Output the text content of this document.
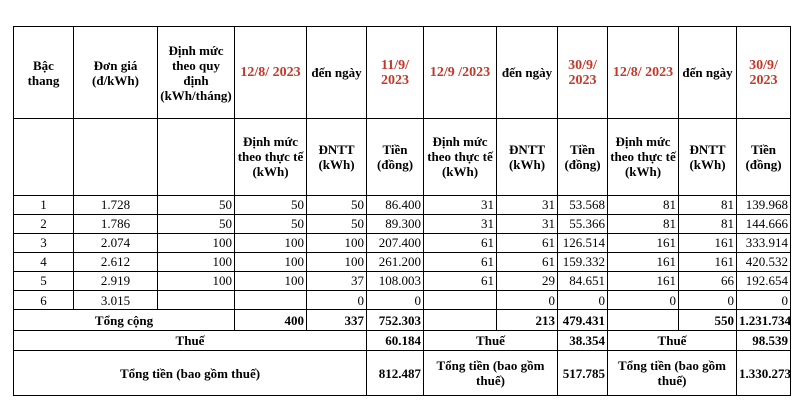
Bậc thang	Đơn giá (đ/kWh)	Định mức theo quy định (kWh/tháng)	12/8/ 2023	đến ngày	11/9/ 2023	12/9 /2023	đến ngày	30/9/ 2023	12/8/ 2023	đến ngày	30/9/ 2023
			Định mức theo thực tế (kWh)	ĐNTT (kWh)	Tiền (đồng)	Định mức theo thực tế (kWh)	ĐNTT (kWh)	Tiền (đồng)	Định mức theo thực tế (kWh)	ĐNTT (kWh)	Tiền (đồng)
1	1.728	50	50	50	86.400	31	31	53.568	81	81	139.968
2	1.786	50	50	50	89.300	31	31	55.366	81	81	144.666
3	2.074	100	100	100	207.400	61	61	126.514	161	161	333.914
4	2.612	100	100	100	261.200	61	61	159.332	161	161	420.532
5	2.919	100	100	37	108.003	61	29	84.651	161	66	192.654
6	3.015			0	0		0	0	0	0	0
Tổng cộng			400	337	752.303		213	479.431		550	1.231.734
Thuế					60.184	Thuế		38.354	Thuế		98.539
Tổng tiền (bao gồm thuế)					812.487	Tổng tiền (bao gồm thuế)		517.785	Tổng tiền (bao gồm thuế)		1.330.273
